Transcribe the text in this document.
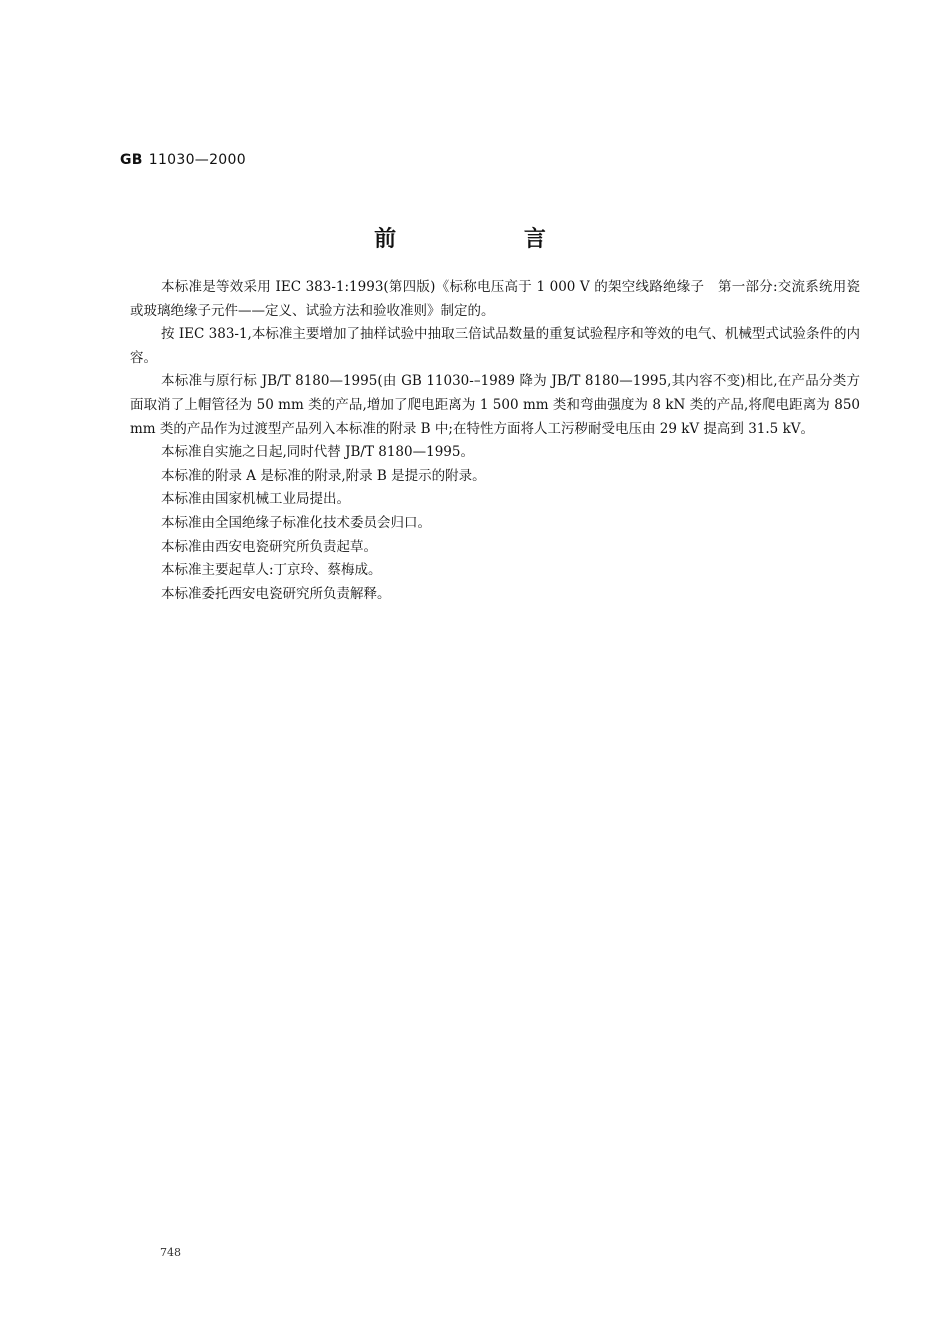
GB 11030—2000
前 言

本标准是等效采用 IEC 383-1:1993(第四版)《标称电压高于 1 000 V 的架空线路绝缘子　第一部分:交流系统用瓷或玻璃绝缘子元件——定义、试验方法和验收准则》制定的。

按 IEC 383-1,本标准主要增加了抽样试验中抽取三倍试品数量的重复试验程序和等效的电气、机械型式试验条件的内容。

本标准与原行标 JB/T 8180—1995(由 GB 11030-–1989 降为 JB/T 8180—1995,其内容不变)相比,在产品分类方面取消了上帽管径为 50 mm 类的产品,增加了爬电距离为 1 500 mm 类和弯曲强度为 8 kN 类的产品,将爬电距离为 850 mm 类的产品作为过渡型产品列入本标准的附录 B 中;在特性方面将人工污秽耐受电压由 29 kV 提高到 31.5 kV。

本标准自实施之日起,同时代替 JB/T 8180—1995。

本标准的附录 A 是标准的附录,附录 B 是提示的附录。

本标准由国家机械工业局提出。

本标准由全国绝缘子标准化技术委员会归口。

本标准由西安电瓷研究所负责起草。

本标准主要起草人:丁京玲、蔡梅成。

本标准委托西安电瓷研究所负责解释。

748
